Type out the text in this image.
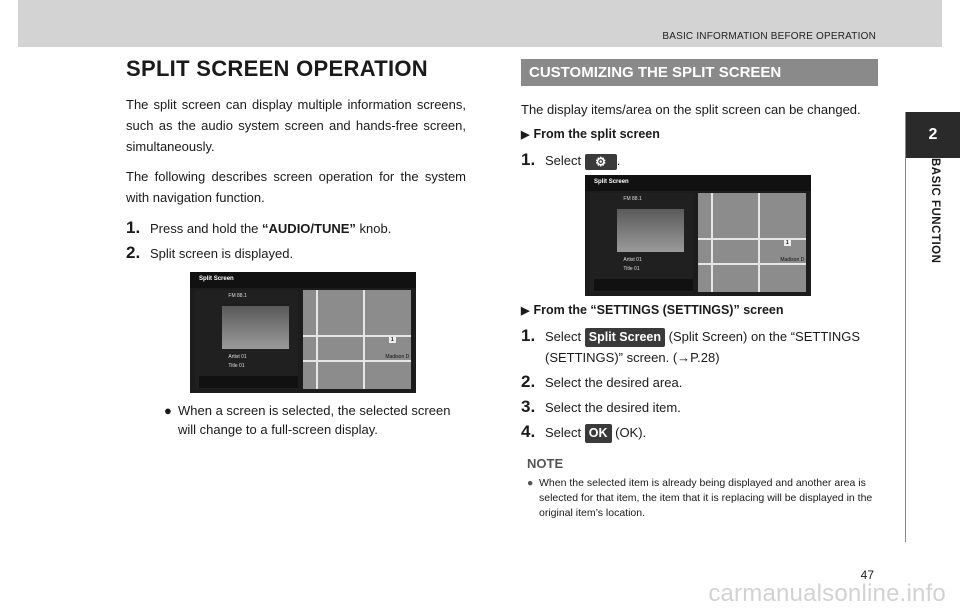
BASIC INFORMATION BEFORE OPERATION
2
BASIC FUNCTION
SPLIT SCREEN OPERATION

The split screen can display multiple information screens, such as the audio system screen and hands-free screen, simultaneously.

The following describes screen operation for the system with navigation function.

1. Press and hold the “AUDIO/TUNE” knob.
2. Split screen is displayed.
Split Screen
FM 88.1
Artist 01
Title 01
1
Madison D
● When a screen is selected, the selected screen will change to a full-screen display.
CUSTOMIZING THE SPLIT SCREEN

The display items/area on the split screen can be changed.

▶ From the split screen
1. Select ⚙ .
Split Screen
FM 88.1
Artist 01
Title 01
1
Madison D
▶ From the “SETTINGS (SETTINGS)” screen
1. Select Split Screen (Split Screen) on the “SETTINGS (SETTINGS)” screen. (→P.28)
2. Select the desired area.
3. Select the desired item.
4. Select OK (OK).
NOTE
● When the selected item is already being displayed and another area is selected for that item, the item that it is replacing will be displayed in the original item’s location.
47
carmanualsonline.info
